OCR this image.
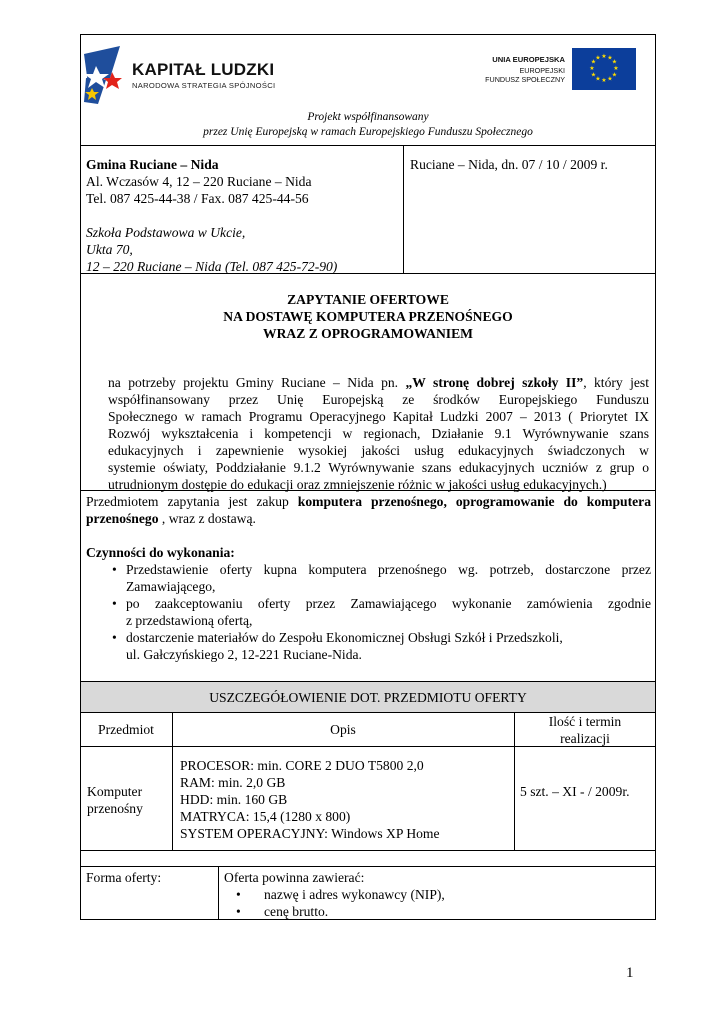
KAPITAŁ LUDZKI
NARODOWA STRATEGIA SPÓJNOŚCI
UNIA EUROPEJSKA
EUROPEJSKI
FUNDUSZ SPOŁECZNY
★ ★
★
★
★
★
★
★
★
★
★
★
Projekt współfinansowany
przez Unię Europejską w ramach Europejskiego Funduszu Społecznego
Gmina Ruciane – Nida
Al. Wczasów 4, 12 – 220 Ruciane – Nida
Tel. 087 425-44-38 / Fax. 087 425-44-56
Szkoła Podstawowa w Ukcie,
Ukta 70,
12 – 220 Ruciane – Nida (Tel. 087 425-72-90)
Ruciane – Nida, dn. 07 / 10 / 2009 r.
ZAPYTANIE OFERTOWE
NA DOSTAWĘ KOMPUTERA PRZENOŚNEGO
WRAZ Z OPROGRAMOWANIEM
na potrzeby projektu Gminy Ruciane – Nida pn. „W stronę dobrej szkoły II”, który jest
współfinansowany przez Unię Europejską ze środków Europejskiego Funduszu
Społecznego w ramach Programu Operacyjnego Kapitał Ludzki 2007 – 2013 ( Priorytet IX
Rozwój wykształcenia i kompetencji w regionach, Działanie 9.1 Wyrównywanie szans
edukacyjnych i zapewnienie wysokiej jakości usług edukacyjnych świadczonych w
systemie oświaty, Poddziałanie 9.1.2 Wyrównywanie szans edukacyjnych uczniów z grup o
utrudnionym dostępie do edukacji oraz zmniejszenie różnic w jakości usług edukacyjnych.)
Przedmiotem zapytania jest zakup komputera przenośnego, oprogramowanie do komputera
przenośnego , wraz z dostawą.
Czynności do wykonania:
• Przedstawienie oferty kupna komputera przenośnego wg. potrzeb, dostarczone przez
Zamawiającego,
• po zaakceptowaniu oferty przez Zamawiającego wykonanie zamówienia zgodnie
z przedstawioną ofertą,
• dostarczenie materiałów do Zespołu Ekonomicznej Obsługi Szkół i Przedszkoli,
ul. Gałczyńskiego 2, 12-221 Ruciane-Nida.
USZCZEGÓŁOWIENIE DOT. PRZEDMIOTU OFERTY
Przedmiot	Opis
Ilość i termin
realizacji
Komputer
przenośny
PROCESOR: min. CORE 2 DUO T5800 2,0
RAM: min. 2,0 GB
HDD: min. 160 GB
MATRYCA: 15,4 (1280 x 800)
SYSTEM OPERACYJNY: Windows XP Home
5 szt. – XI - / 2009r.
Forma oferty:	Oferta powinna zawierać:
• nazwę i adres wykonawcy (NIP),
• cenę brutto.
1
